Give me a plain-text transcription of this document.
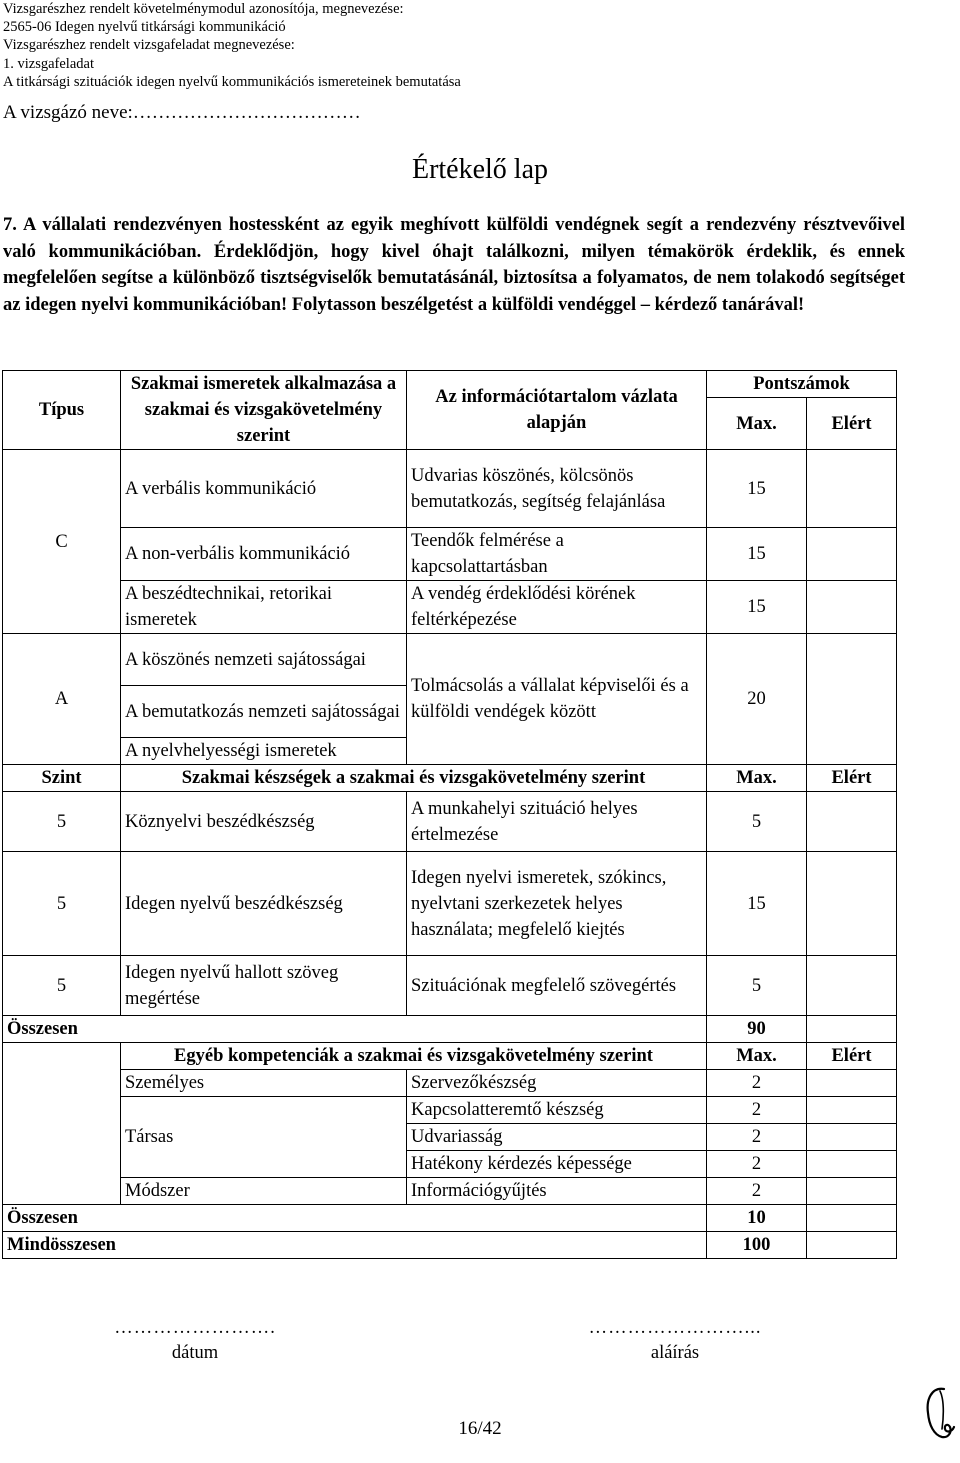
Vizsgarészhez rendelt követelménymodul azonosítója, megnevezése:
2565-06 Idegen nyelvű titkársági kommunikáció
Vizsgarészhez rendelt vizsgafeladat megnevezése:
1. vizsgafeladat
A titkársági szituációk idegen nyelvű kommunikációs ismereteinek bemutatása
A vizsgázó neve:………………………………
Értékelő lap

7. A vállalati rendezvényen hostessként az egyik meghívott külföldi vendégnek segít a rendezvény résztvevőivel való kommunikációban. Érdeklődjön, hogy kivel óhajt találkozni, milyen témakörök érdeklik, és ennek megfelelően segítse a különböző tisztségviselők bemutatásánál, biztosítsa a folyamatos, de nem tolakodó segítséget az idegen nyelvi kommunikációban! Folytasson beszélgetést a külföldi vendéggel – kérdező tanárával!

Típus	Szakmai ismeretek alkalmazása a szakmai és vizsgakövetelmény szerint	Az információtartalom vázlata alapján	Pontszámok	
			Max.	Elért
C	A verbális kommunikáció	Udvarias köszönés, kölcsönös bemutatkozás, segítség felajánlása	15	
	A non-verbális kommunikáció	Teendők felmérése a kapcsolattartásban	15	
	A beszédtechnikai, retorikai ismeretek	A vendég érdeklődési körének feltérképezése	15	
A	A köszönés nemzeti sajátosságai	Tolmácsolás a vállalat képviselői és a külföldi vendégek között	20	
	A bemutatkozás nemzeti sajátosságai			
	A nyelvhelyességi ismeretek			
Szint	Szakmai készségek a szakmai és vizsgakövetelmény szerint		Max.	Elért
5	Köznyelvi beszédkészség	A munkahelyi szituáció helyes értelmezése	5	
5	Idegen nyelvű beszédkészség	Idegen nyelvi ismeretek, szókincs, nyelvtani szerkezetek helyes használata; megfelelő kiejtés	15	
5	Idegen nyelvű hallott szöveg megértése	Szituációnak megfelelő szövegértés	5	
Összesen			90	
	Egyéb kompetenciák a szakmai és vizsgakövetelmény szerint		Max.	Elért
	Személyes	Szervezőkészség	2	
	Társas	Kapcsolatteremtő készség	2	
		Udvariasság	2	
		Hatékony kérdezés képessége	2	
	Módszer	Információgyűjtés	2	
Összesen			10	
Mindösszesen			100	
…………………….
dátum
……………………...
aláírás
16/42
